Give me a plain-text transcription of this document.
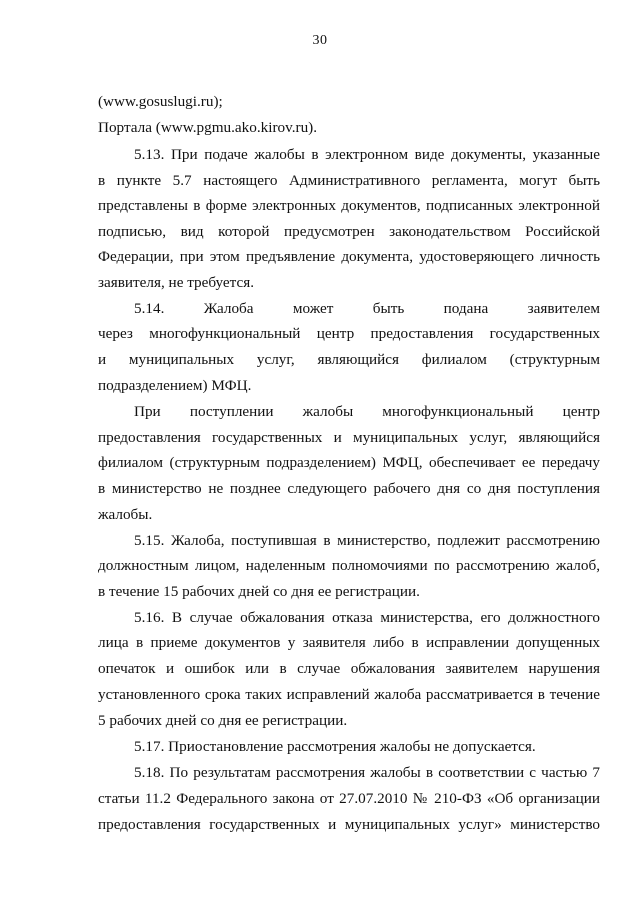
30
(www.gosuslugi.ru);
Портала (www.pgmu.ako.kirov.ru).
5.13. При подаче жалобы в электронном виде документы, указанные
в пункте 5.7 настоящего Административного регламента, могут быть
представлены в форме электронных документов, подписанных электронной
подписью, вид которой предусмотрен законодательством Российской
Федерации, при этом предъявление документа, удостоверяющего личность
заявителя, не требуется.
5.14. Жалоба может быть подана заявителем
через многофункциональный центр предоставления государственных
и муниципальных услуг, являющийся филиалом (структурным
подразделением) МФЦ.
При поступлении жалобы многофункциональный центр
предоставления государственных и муниципальных услуг, являющийся
филиалом (структурным подразделением) МФЦ, обеспечивает ее передачу
в министерство не позднее следующего рабочего дня со дня поступления
жалобы.
5.15. Жалоба, поступившая в министерство, подлежит рассмотрению
должностным лицом, наделенным полномочиями по рассмотрению жалоб,
в течение 15 рабочих дней со дня ее регистрации.
5.16. В случае обжалования отказа министерства, его должностного
лица в приеме документов у заявителя либо в исправлении допущенных
опечаток и ошибок или в случае обжалования заявителем нарушения
установленного срока таких исправлений жалоба рассматривается в течение
5 рабочих дней со дня ее регистрации.
5.17. Приостановление рассмотрения жалобы не допускается.
5.18. По результатам рассмотрения жалобы в соответствии с частью 7
статьи 11.2 Федерального закона от 27.07.2010 № 210-ФЗ «Об организации
предоставления государственных и муниципальных услуг» министерство
